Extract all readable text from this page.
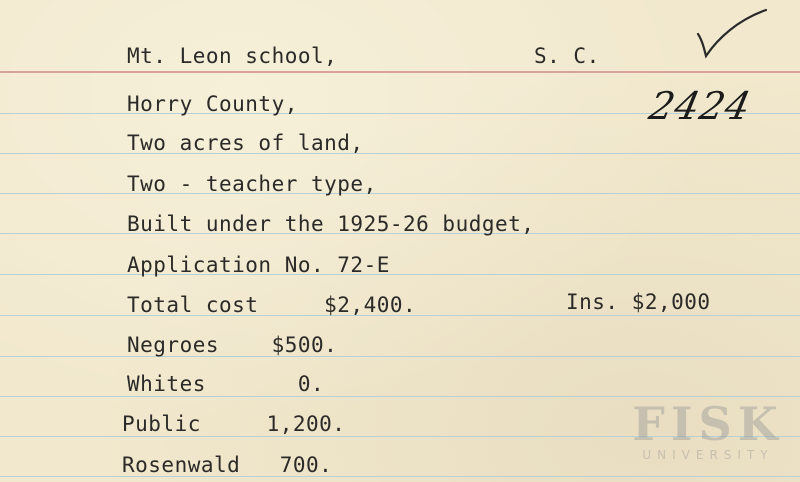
Mt. Leon school,	S. C.
Horry County,
Two acres of land,
Two - teacher type,
Built under the 1925-26 budget,
Application No. 72-E
Total cost     $2,400.	Ins. $2,000
Negroes    $500.
Whites       0.
Public     1,200.
Rosenwald   700.
2424
FISK
UNIVERSITY
